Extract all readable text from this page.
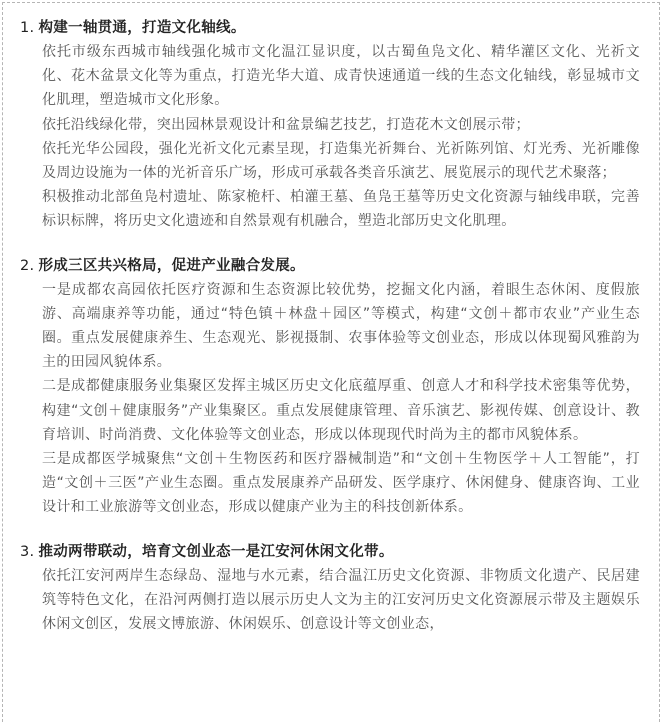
1. 构建一轴贯通，打造文化轴线。
依托市级东西城市轴线强化城市文化温江显识度，以古蜀鱼凫文化、精华灌区文化、光祈文化、花木盆景文化等为重点，打造光华大道、成青快速通道一线的生态文化轴线，彰显城市文化肌理，塑造城市文化形象。
依托沿线绿化带，突出园林景观设计和盆景编艺技艺，打造花木文创展示带；
依托光华公园段，强化光祈文化元素呈现，打造集光祈舞台、光祈陈列馆、灯光秀、光祈雕像及周边设施为一体的光祈音乐广场，形成可承载各类音乐演艺、展览展示的现代艺术聚落；
积极推动北部鱼凫村遗址、陈家桅杆、柏灌王墓、鱼凫王墓等历史文化资源与轴线串联，完善标识标牌，将历史文化遗迹和自然景观有机融合，塑造北部历史文化肌理。
2. 形成三区共兴格局，促进产业融合发展。
一是成都农高园依托医疗资源和生态资源比较优势，挖掘文化内涵，着眼生态休闲、度假旅游、高端康养等功能，通过“特色镇＋林盘＋园区”等模式，构建“文创＋都市农业”产业生态圈。重点发展健康养生、生态观光、影视摄制、农事体验等文创业态，形成以体现蜀风雅韵为主的田园风貌体系。
二是成都健康服务业集聚区发挥主城区历史文化底蕴厚重、创意人才和科学技术密集等优势，构建“文创＋健康服务”产业集聚区。重点发展健康管理、音乐演艺、影视传媒、创意设计、教育培训、时尚消费、文化体验等文创业态，形成以体现现代时尚为主的都市风貌体系。
三是成都医学城聚焦“文创＋生物医药和医疗器械制造”和“文创＋生物医学＋人工智能”，打造“文创＋三医”产业生态圈。重点发展康养产品研发、医学康疗、休闲健身、健康咨询、工业设计和工业旅游等文创业态，形成以健康产业为主的科技创新体系。
3. 推动两带联动，培育文创业态一是江安河休闲文化带。
依托江安河两岸生态绿岛、湿地与水元素，结合温江历史文化资源、非物质文化遗产、民居建筑等特色文化，在沿河两侧打造以展示历史人文为主的江安河历史文化资源展示带及主题娱乐休闲文创区，发展文博旅游、休闲娱乐、创意设计等文创业态，
